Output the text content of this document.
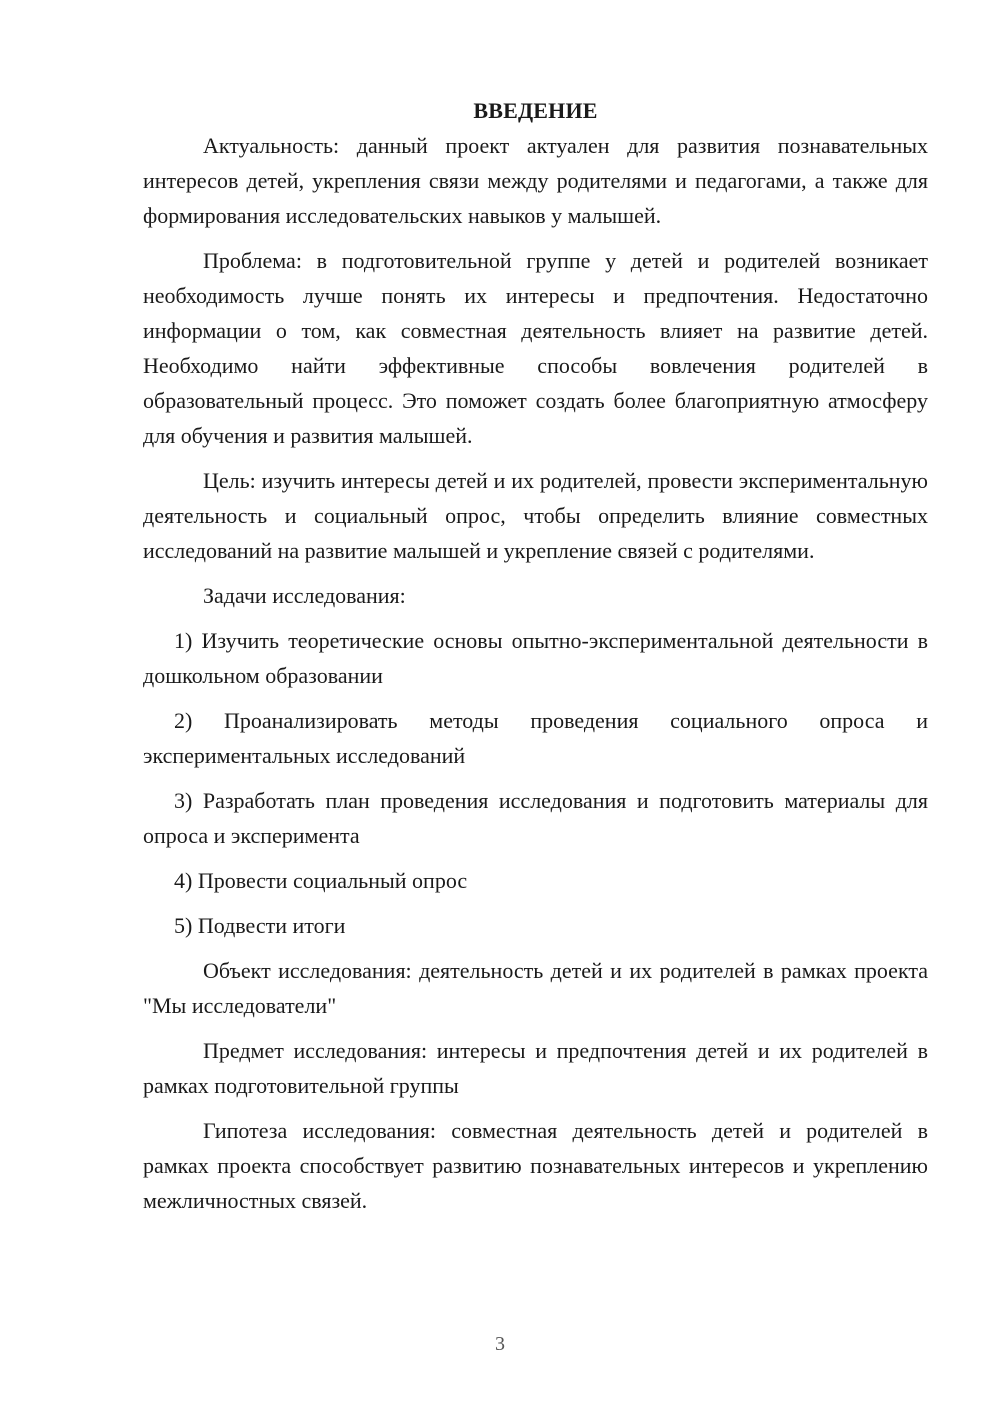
ВВЕДЕНИЕ

Актуальность: данный проект актуален для развития познавательных интересов детей, укрепления связи между родителями и педагогами, а также для формирования исследовательских навыков у малышей.

Проблема: в подготовительной группе у детей и родителей возникает необходимость лучше понять их интересы и предпочтения. Недостаточно информации о том, как совместная деятельность влияет на развитие детей. Необходимо найти эффективные способы вовлечения родителей в образовательный процесс. Это поможет создать более благоприятную атмосферу для обучения и развития малышей.

Цель: изучить интересы детей и их родителей, провести экспериментальную деятельность и социальный опрос, чтобы определить влияние совместных исследований на развитие малышей и укрепление связей с родителями.

Задачи исследования:

1) Изучить теоретические основы опытно-экспериментальной деятельности в дошкольном образовании

2) Проанализировать методы проведения социального опроса и экспериментальных исследований

3) Разработать план проведения исследования и подготовить материалы для опроса и эксперимента

4) Провести социальный опрос

5) Подвести итоги

Объект исследования: деятельность детей и их родителей в рамках проекта "Мы исследователи"

Предмет исследования: интересы и предпочтения детей и их родителей в рамках подготовительной группы

Гипотеза исследования: совместная деятельность детей и родителей в рамках проекта способствует развитию познавательных интересов и укреплению межличностных связей.

3
